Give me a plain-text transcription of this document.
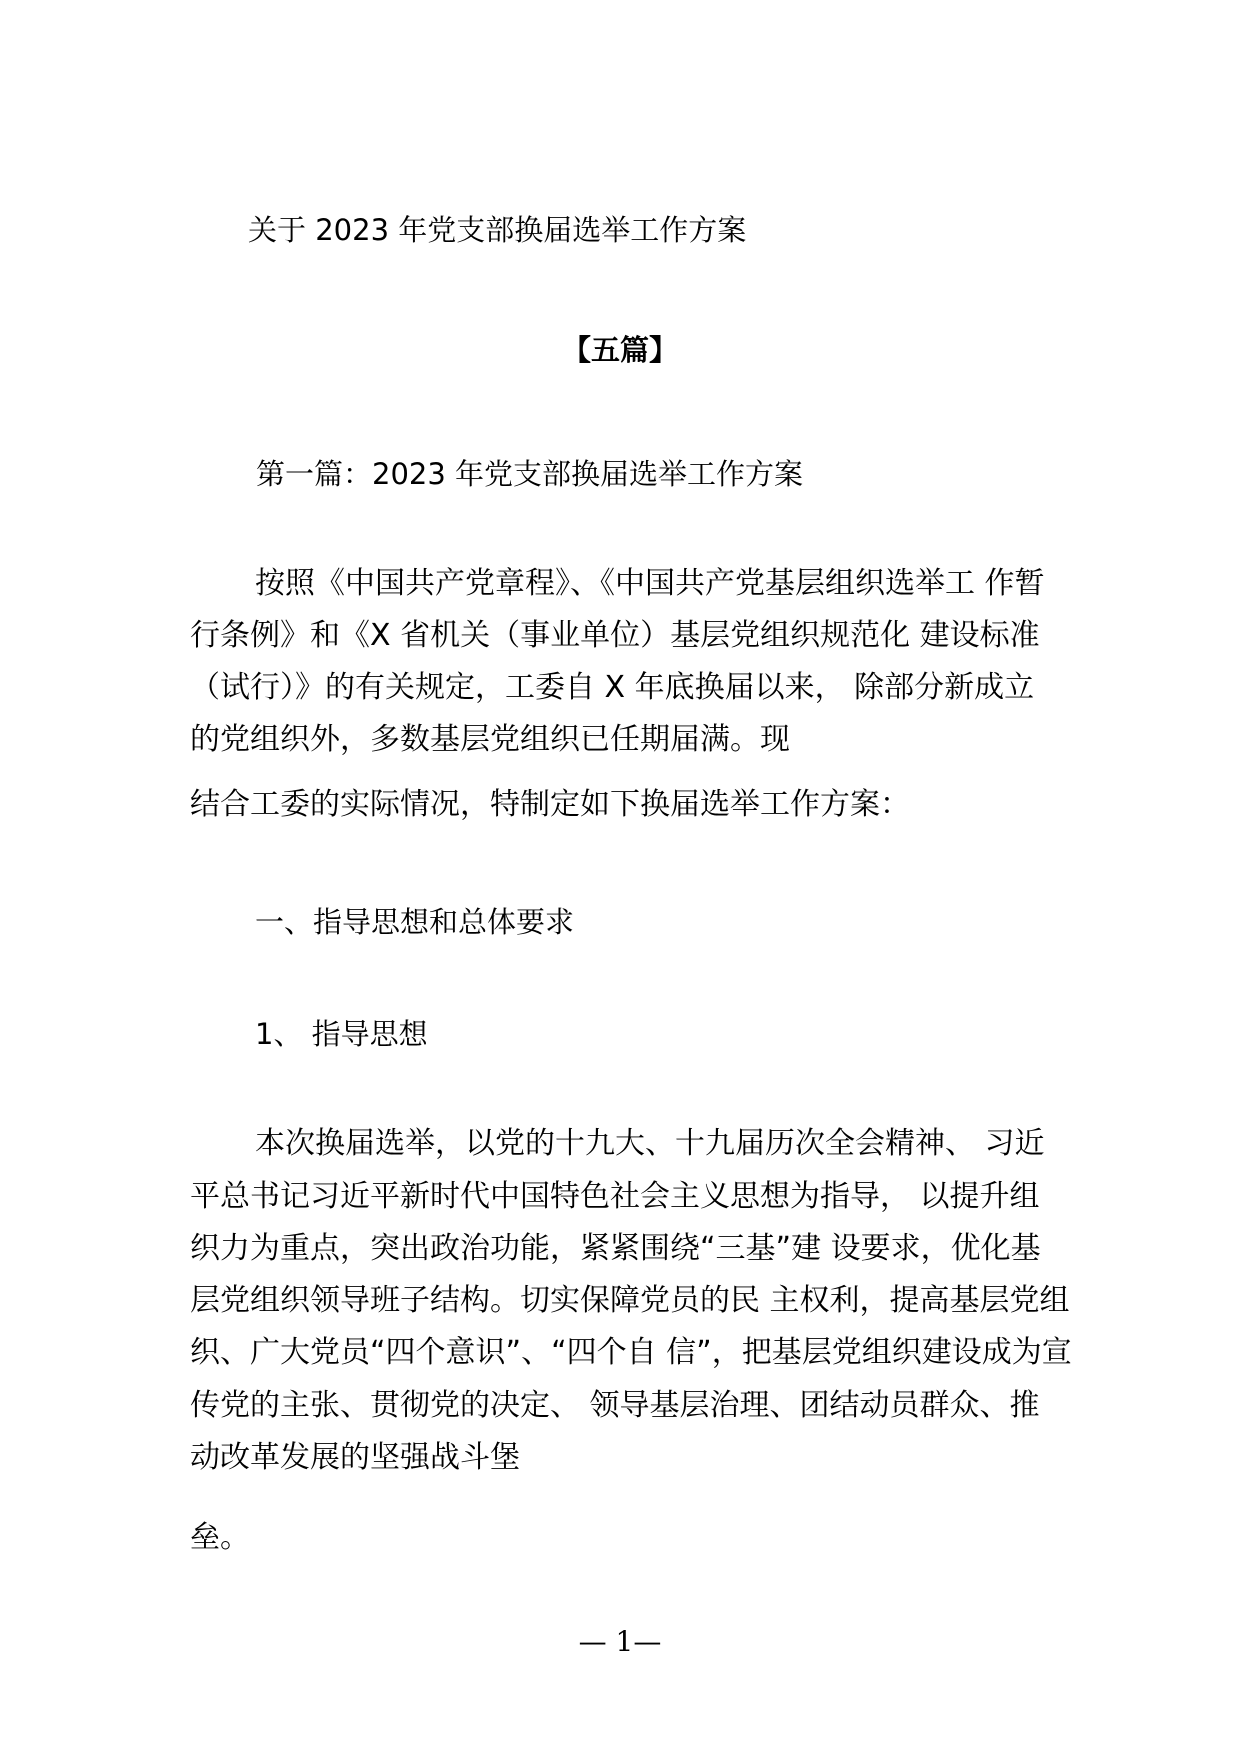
关于 2023 年党支部换届选举工作方案
【五篇】
第一篇：2023 年党支部换届选举工作方案
按照《中国共产党章程》、《中国共产党基层组织选举工 作暂
行条例》和《X 省机关（事业单位）基层党组织规范化 建设标准
（试行）》的有关规定，工委自 X 年底换届以来， 除部分新成立
的党组织外，多数基层党组织已任期届满。现
结合工委的实际情况，特制定如下换届选举工作方案：
一、指导思想和总体要求
1、 指导思想
本次换届选举，以党的十九大、十九届历次全会精神、 习近
平总书记习近平新时代中国特色社会主义思想为指导， 以提升组
织力为重点，突出政治功能，紧紧围绕“三基”建 设要求，优化基
层党组织领导班子结构。切实保障党员的民 主权利，提高基层党组
织、广大党员“四个意识”、“四个自 信”，把基层党组织建设成为宣
传党的主张、贯彻党的决定、 领导基层治理、团结动员群众、推
动改革发展的坚强战斗堡
垒。
— 1—
